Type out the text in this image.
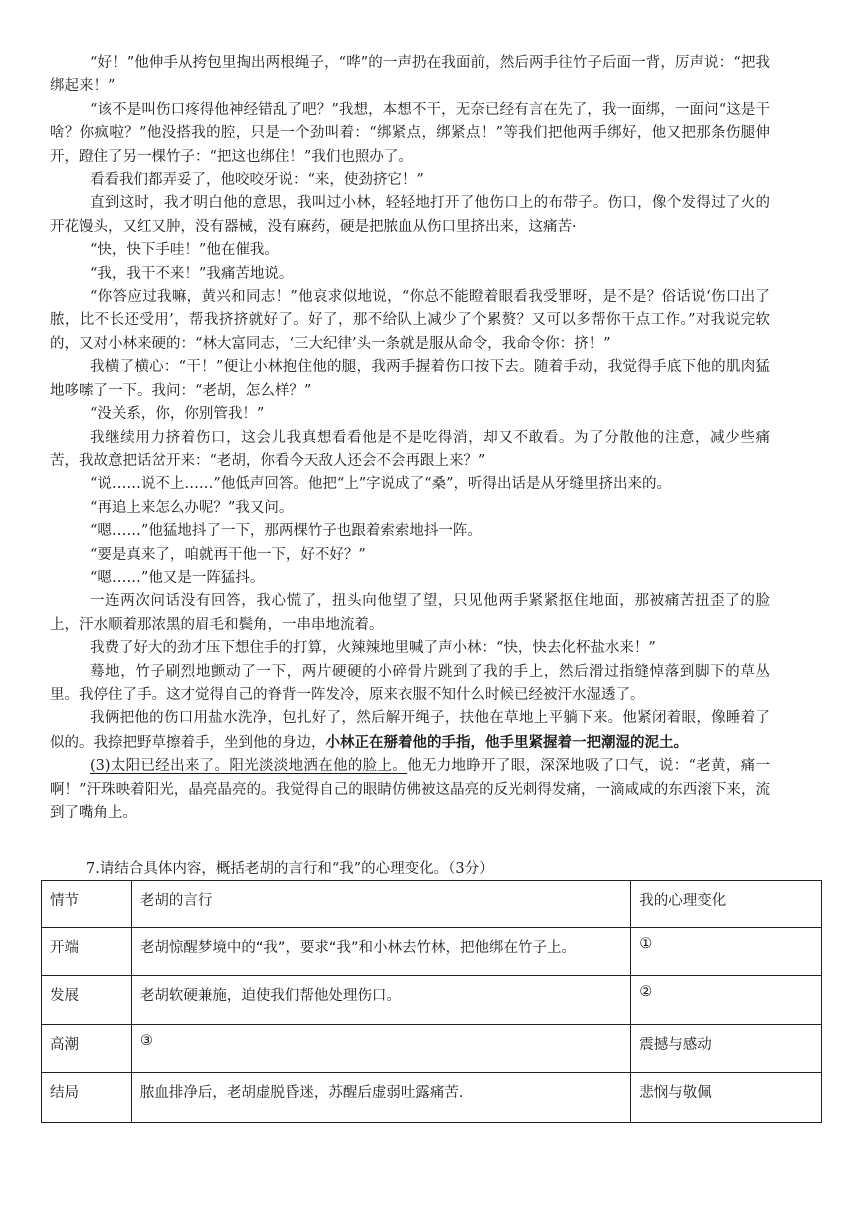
“好！”他伸手从挎包里掏出两根绳子，“哗”的一声扔在我面前，然后两手往竹子后面一背，厉声说：“把我绑起来！”

“该不是叫伤口疼得他神经错乱了吧？”我想，本想不干，无奈已经有言在先了，我一面绑，一面问“这是干啥？你疯啦？”他没搭我的腔，只是一个劲叫着：“绑紧点，绑紧点！”等我们把他两手绑好，他又把那条伤腿伸开，蹬住了另一棵竹子：“把这也绑住！”我们也照办了。

看看我们都弄妥了，他咬咬牙说：“来，使劲挤它！”

直到这时，我才明白他的意思，我叫过小林，轻轻地打开了他伤口上的布带子。伤口，像个发得过了火的开花馒头，又红又肿，没有器械，没有麻药，硬是把脓血从伤口里挤出来，这痛苦·

“快，快下手哇！”他在催我。

“我，我干不来！”我痛苦地说。

“你答应过我嘛，黄兴和同志！”他哀求似地说，“你总不能瞪着眼看我受罪呀，是不是？俗话说‘伤口出了脓，比不长还受用’，帮我挤挤就好了。好了，那不给队上减少了个累赘？又可以多帮你干点工作。”对我说完软的，又对小林来硬的：“林大富同志，‘三大纪律’头一条就是服从命令，我命令你：挤！”

我横了横心：“干！”便让小林抱住他的腿，我两手握着伤口按下去。随着手动，我觉得手底下他的肌肉猛地哆嗦了一下。我问：“老胡，怎么样？”

“没关系，你，你别管我！”

我继续用力挤着伤口，这会儿我真想看看他是不是吃得消，却又不敢看。为了分散他的注意，减少些痛苦，我故意把话岔开来：“老胡，你看今天敌人还会不会再跟上来？”

“说……说不上……”他低声回答。他把“上”字说成了“桑”，听得出话是从牙缝里挤出来的。

“再追上来怎么办呢？”我又问。

“嗯……”他猛地抖了一下，那两棵竹子也跟着索索地抖一阵。

“要是真来了，咱就再干他一下，好不好？”

“嗯……”他又是一阵猛抖。

一连两次问话没有回答，我心慌了，扭头向他望了望，只见他两手紧紧抠住地面，那被痛苦扭歪了的脸上，汗水顺着那浓黑的眉毛和鬓角，一串串地流着。

我费了好大的劲才压下想住手的打算，火辣辣地里喊了声小林：“快，快去化杯盐水来！”

蓦地，竹子刷烈地颤动了一下，两片硬硬的小碎骨片跳到了我的手上，然后滑过指缝悼落到脚下的草丛里。我停住了手。这才觉得自己的脊背一阵发冷，原来衣服不知什么时候已经被汗水湿透了。

我俩把他的伤口用盐水洗净，包扎好了，然后解开绳子，扶他在草地上平躺下来。他紧闭着眼，像睡着了似的。我捺把野草擦着手，坐到他的身边，小林正在掰着他的手指，他手里紧握着一把潮湿的泥土。

(3)太阳已经出来了。阳光淡淡地洒在他的脸上。他无力地睁开了眼，深深地吸了口气，说：“老黄，痛一啊！”汗珠映着阳光，晶亮晶亮的。我觉得自己的眼睛仿佛被这晶亮的反光刺得发痛，一滴咸咸的东西滚下来，流到了嘴角上。

7.请结合具体内容，概括老胡的言行和“我”的心理变化。（3分）
情节	老胡的言行	我的心理变化
开端	老胡惊醒梦境中的“我”，要求“我”和小林去竹林，把他绑在竹子上。	①
发展	老胡软硬兼施，迫使我们帮他处理伤口。	②
高潮	③	震撼与感动
结局	脓血排净后，老胡虚脱昏迷，苏醒后虚弱吐露痛苦.	悲悯与敬佩
